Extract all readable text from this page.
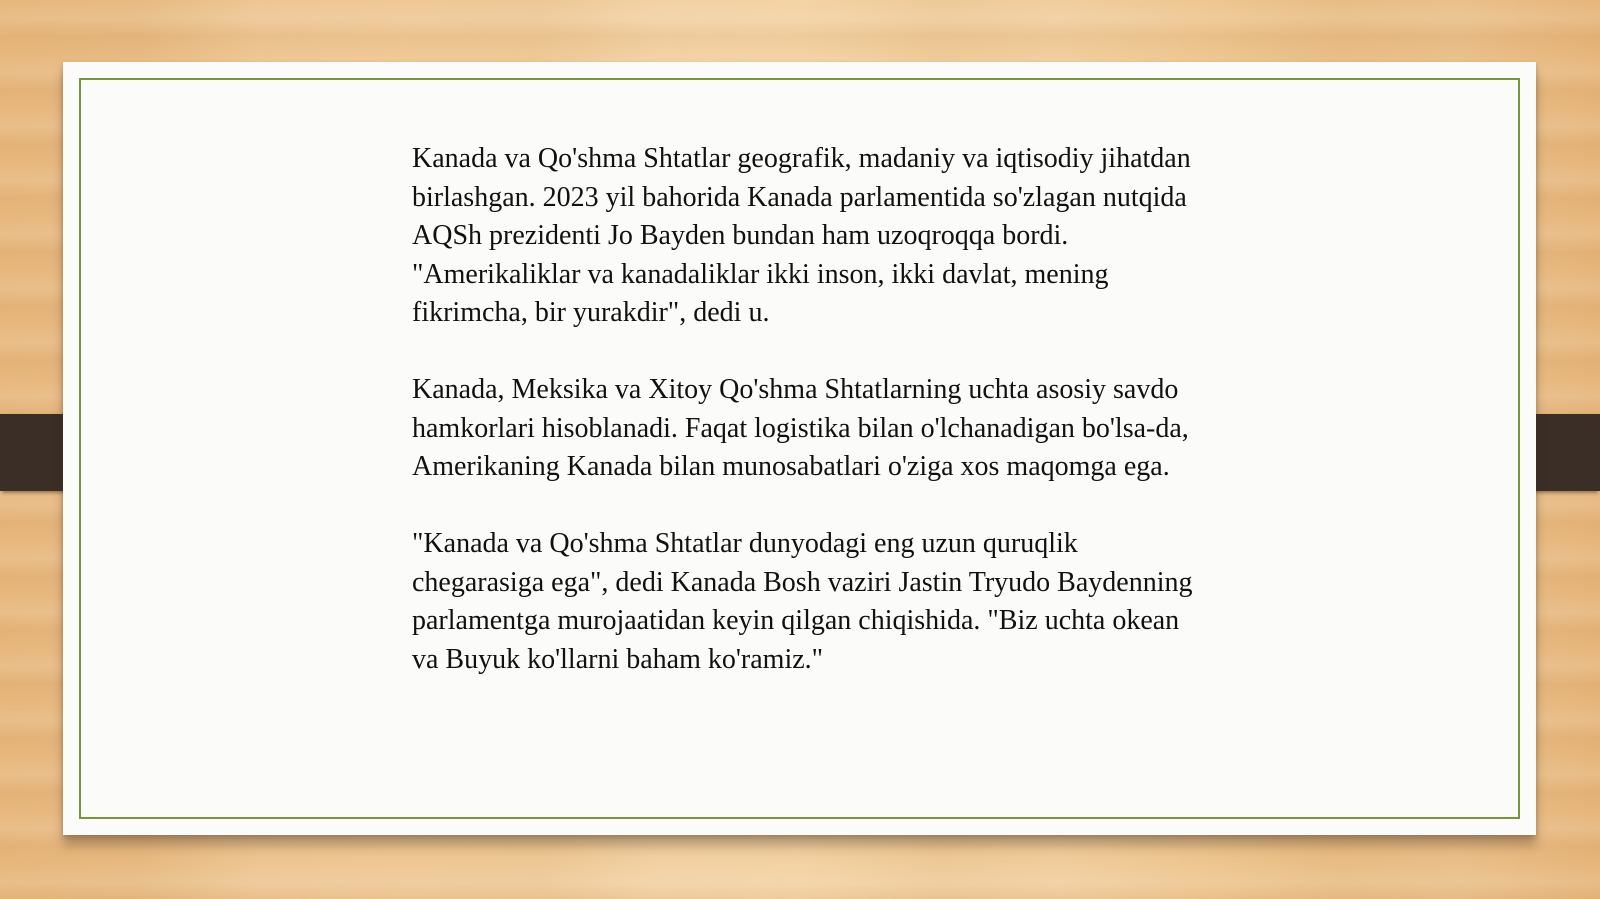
Kanada va Qo'shma Shtatlar geografik, madaniy va iqtisodiy jihatdan birlashgan. 2023 yil bahorida Kanada parlamentida so'zlagan nutqida AQSh prezidenti Jo Bayden bundan ham uzoqroqqa bordi. "Amerikaliklar va kanadaliklar ikki inson, ikki davlat, mening fikrimcha, bir yurakdir", dedi u.

Kanada, Meksika va Xitoy Qo'shma Shtatlarning uchta asosiy savdo hamkorlari hisoblanadi. Faqat logistika bilan o'lchanadigan bo'lsa-da, Amerikaning Kanada bilan munosabatlari o'ziga xos maqomga ega.

"Kanada va Qo'shma Shtatlar dunyodagi eng uzun quruqlik chegarasiga ega", dedi Kanada Bosh vaziri Jastin Tryudo Baydenning parlamentga murojaatidan keyin qilgan chiqishida. "Biz uchta okean va Buyuk ko'llarni baham ko'ramiz."
